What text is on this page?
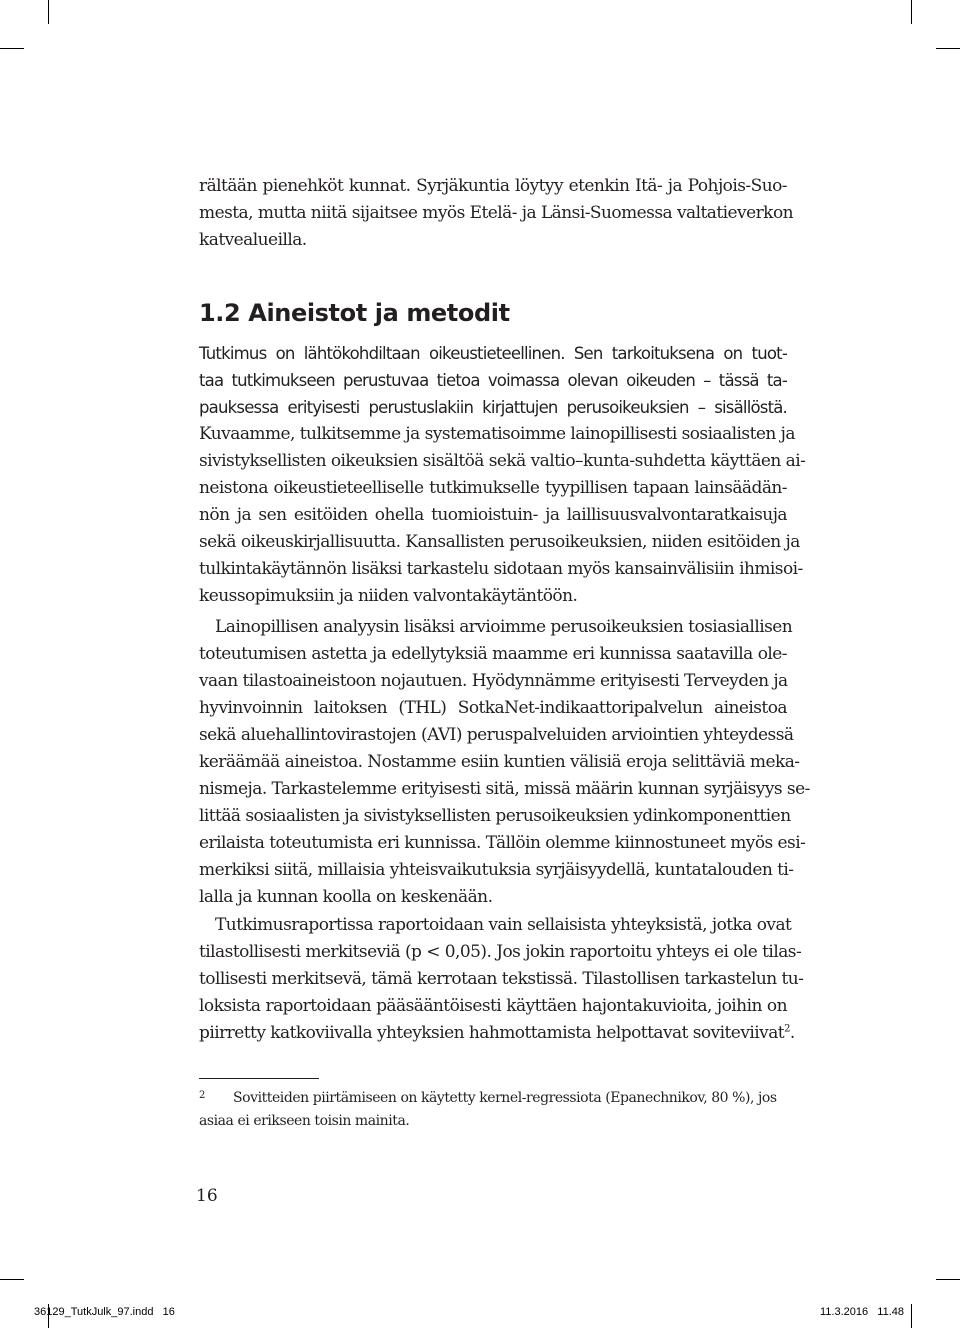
rältään pienehköt kunnat. Syrjäkuntia löytyy etenkin Itä- ja Pohjois-Suo-
mesta, mutta niitä sijaitsee myös Etelä- ja Länsi-Suomessa valtatieverkon
katvealueilla.
1.2 Aineistot ja metodit
Tutkimus on lähtökohdiltaan oikeustieteellinen. Sen tarkoituksena on tuot-
taa tutkimukseen perustuvaa tietoa voimassa olevan oikeuden – tässä ta-
pauksessa erityisesti perustuslakiin kirjattujen perusoikeuksien – sisällöstä.
Kuvaamme, tulkitsemme ja systematisoimme lainopillisesti sosiaalisten ja
sivistyksellisten oikeuksien sisältöä sekä valtio–kunta-suhdetta käyttäen ai-
neistona oikeustieteelliselle tutkimukselle tyypillisen tapaan lainsäädän-
nön ja sen esitöiden ohella tuomioistuin- ja laillisuusvalvontaratkaisuja
sekä oikeuskirjallisuutta. Kansallisten perusoikeuksien, niiden esitöiden ja
tulkintakäytännön lisäksi tarkastelu sidotaan myös kansainvälisiin ihmisoi-
keussopimuksiin ja niiden valvontakäytäntöön.
Lainopillisen analyysin lisäksi arvioimme perusoikeuksien tosiasiallisen
toteutumisen astetta ja edellytyksiä maamme eri kunnissa saatavilla ole-
vaan tilastoaineistoon nojautuen. Hyödynnämme erityisesti Terveyden ja
hyvinvoinnin laitoksen (THL) SotkaNet-indikaattoripalvelun aineistoa
sekä aluehallintovirastojen (AVI) peruspalveluiden arviointien yhteydessä
keräämää aineistoa. Nostamme esiin kuntien välisiä eroja selittäviä meka-
nismeja. Tarkastelemme erityisesti sitä, missä määrin kunnan syrjäisyys se-
littää sosiaalisten ja sivistyksellisten perusoikeuksien ydinkomponenttien
erilaista toteutumista eri kunnissa. Tällöin olemme kiinnostuneet myös esi-
merkiksi siitä, millaisia yhteisvaikutuksia syrjäisyydellä, kuntatalouden ti-
lalla ja kunnan koolla on keskenään.
Tutkimusraportissa raportoidaan vain sellaisista yhteyksistä, jotka ovat
tilastollisesti merkitseviä (p < 0,05). Jos jokin raportoitu yhteys ei ole tilas-
tollisesti merkitsevä, tämä kerrotaan tekstissä. Tilastollisen tarkastelun tu-
loksista raportoidaan pääsääntöisesti käyttäen hajontakuvioita, joihin on
piirretty katkoviivalla yhteyksien hahmottamista helpottavat soviteviivat$^2$.
2	Sovitteiden piirtämiseen on käytetty kernel-regressiota (Epanechnikov, 80 %), jos
asiaa ei erikseen toisin mainita.
16
36129_TutkJulk_97.indd   16	11.3.2016   11.48
